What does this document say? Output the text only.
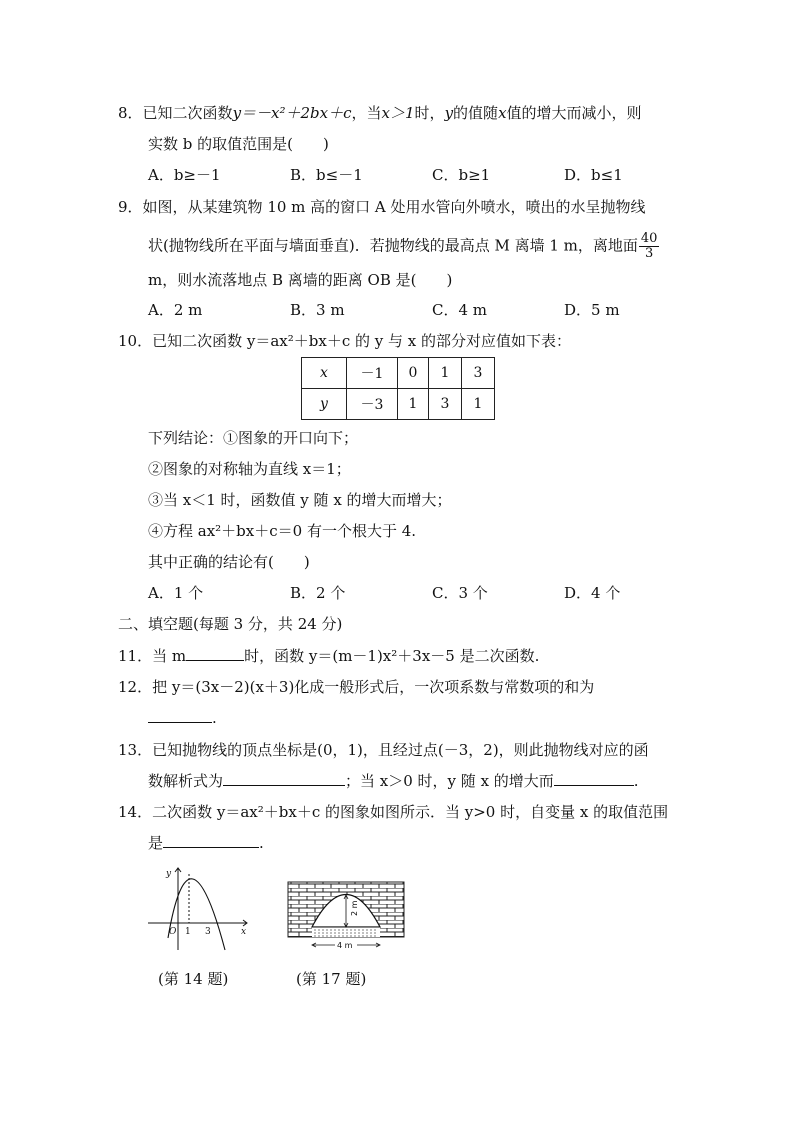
8．已知二次函数y＝－x²＋2bx＋c，当x＞1时，y的值随x值的增大而减小，则
实数 b 的取值范围是(　　)
A．b≥－1	B．b≤－1	C．b≥1	D．b≤1
9．如图，从某建筑物 10 m 高的窗口 A 处用水管向外喷水，喷出的水呈抛物线
状(抛物线所在平面与墙面垂直)．若抛物线的最高点 M 离墙 1 m，离地面 $\frac{40}{3}$
m，则水流落地点 B 离墙的距离 OB 是(　　)
A．2 m	B．3 m	C．4 m	D．5 m
10．已知二次函数 y＝ax²＋bx＋c 的 y 与 x 的部分对应值如下表：
x	－1	0	1	3
y	－3	1	3	1
下列结论：①图象的开口向下；
②图象的对称轴为直线 x＝1；
③当 x＜1 时，函数值 y 随 x 的增大而增大；
④方程 ax²＋bx＋c＝0 有一个根大于 4.
其中正确的结论有(　　)
A．1 个	B．2 个	C．3 个	D．4 个
二、填空题(每题 3 分，共 24 分)
11．当 m	时，函数 y＝(m－1)x²＋3x－5 是二次函数.
12．把 y＝(3x－2)(x＋3)化成一般形式后，一次项系数与常数项的和为
.
13．已知抛物线的顶点坐标是(0，1)，且经过点(－3，2)，则此抛物线对应的函
数解析式为	；当 x＞0 时，y 随 x 的增大而	.
14．二次函数 y＝ax²＋bx＋c 的图象如图所示．当 y>0 时，自变量 x 的取值范围
是	.
y
x
O 1 3
(第 14 题)
2 m
4 m
(第 17 题)
